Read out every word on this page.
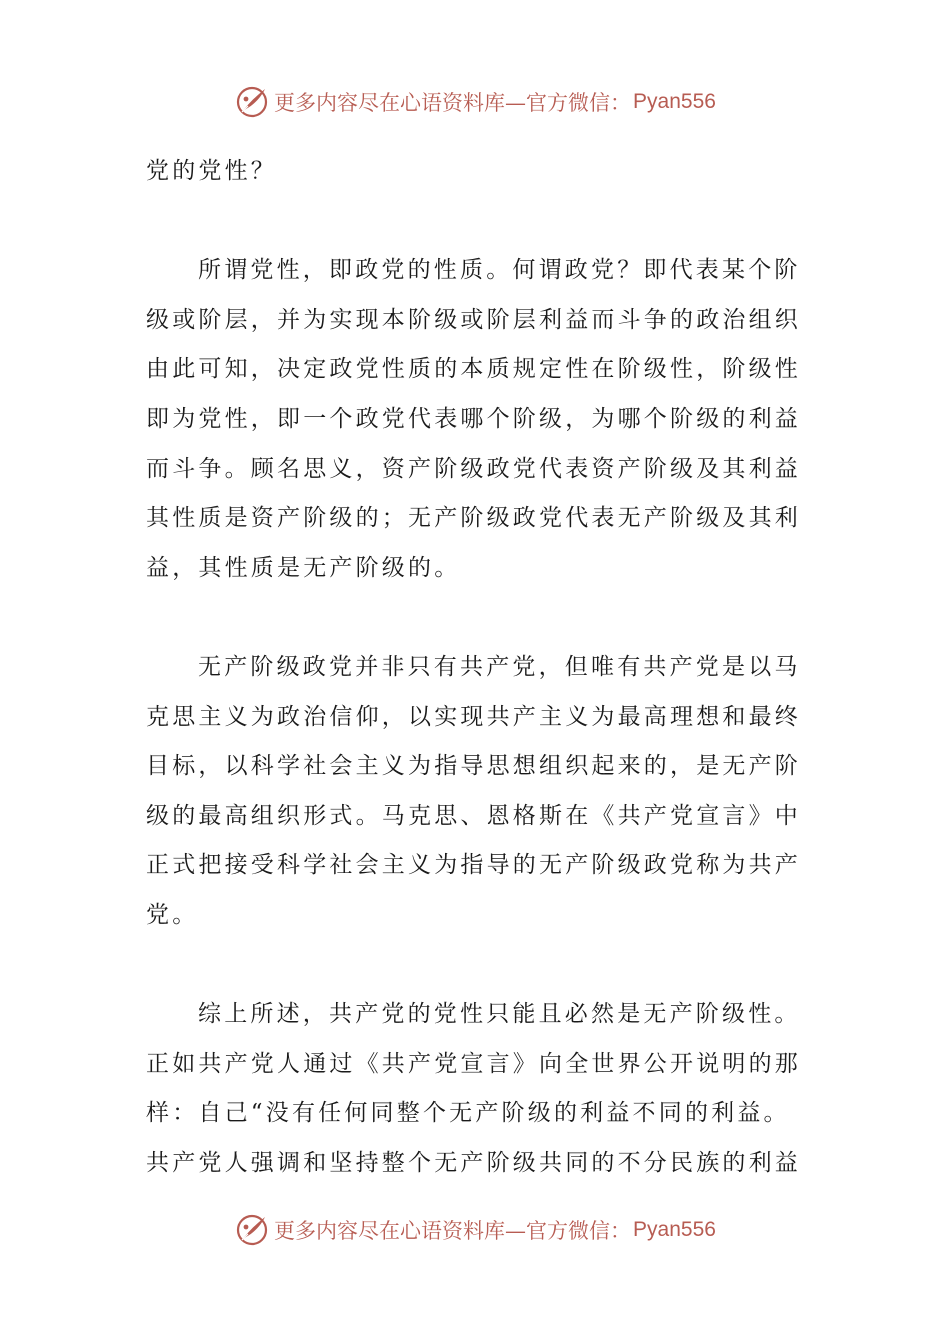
更多内容尽在心语资料库—官方微信： Pyan556
党的党性？
所谓党性，即政党的性质。何谓政党？即代表某个阶
级或阶层，并为实现本阶级或阶层利益而斗争的政治组织
由此可知，决定政党性质的本质规定性在阶级性，阶级性
即为党性，即一个政党代表哪个阶级，为哪个阶级的利益
而斗争。顾名思义，资产阶级政党代表资产阶级及其利益
其性质是资产阶级的；无产阶级政党代表无产阶级及其利
益，其性质是无产阶级的。
无产阶级政党并非只有共产党，但唯有共产党是以马
克思主义为政治信仰，以实现共产主义为最高理想和最终
目标，以科学社会主义为指导思想组织起来的，是无产阶
级的最高组织形式。马克思、恩格斯在《共产党宣言》中
正式把接受科学社会主义为指导的无产阶级政党称为共产
党。
综上所述，共产党的党性只能且必然是无产阶级性。
正如共产党人通过《共产党宣言》向全世界公开说明的那
样：自己“没有任何同整个无产阶级的利益不同的利益。
共产党人强调和坚持整个无产阶级共同的不分民族的利益
更多内容尽在心语资料库—官方微信： Pyan556
